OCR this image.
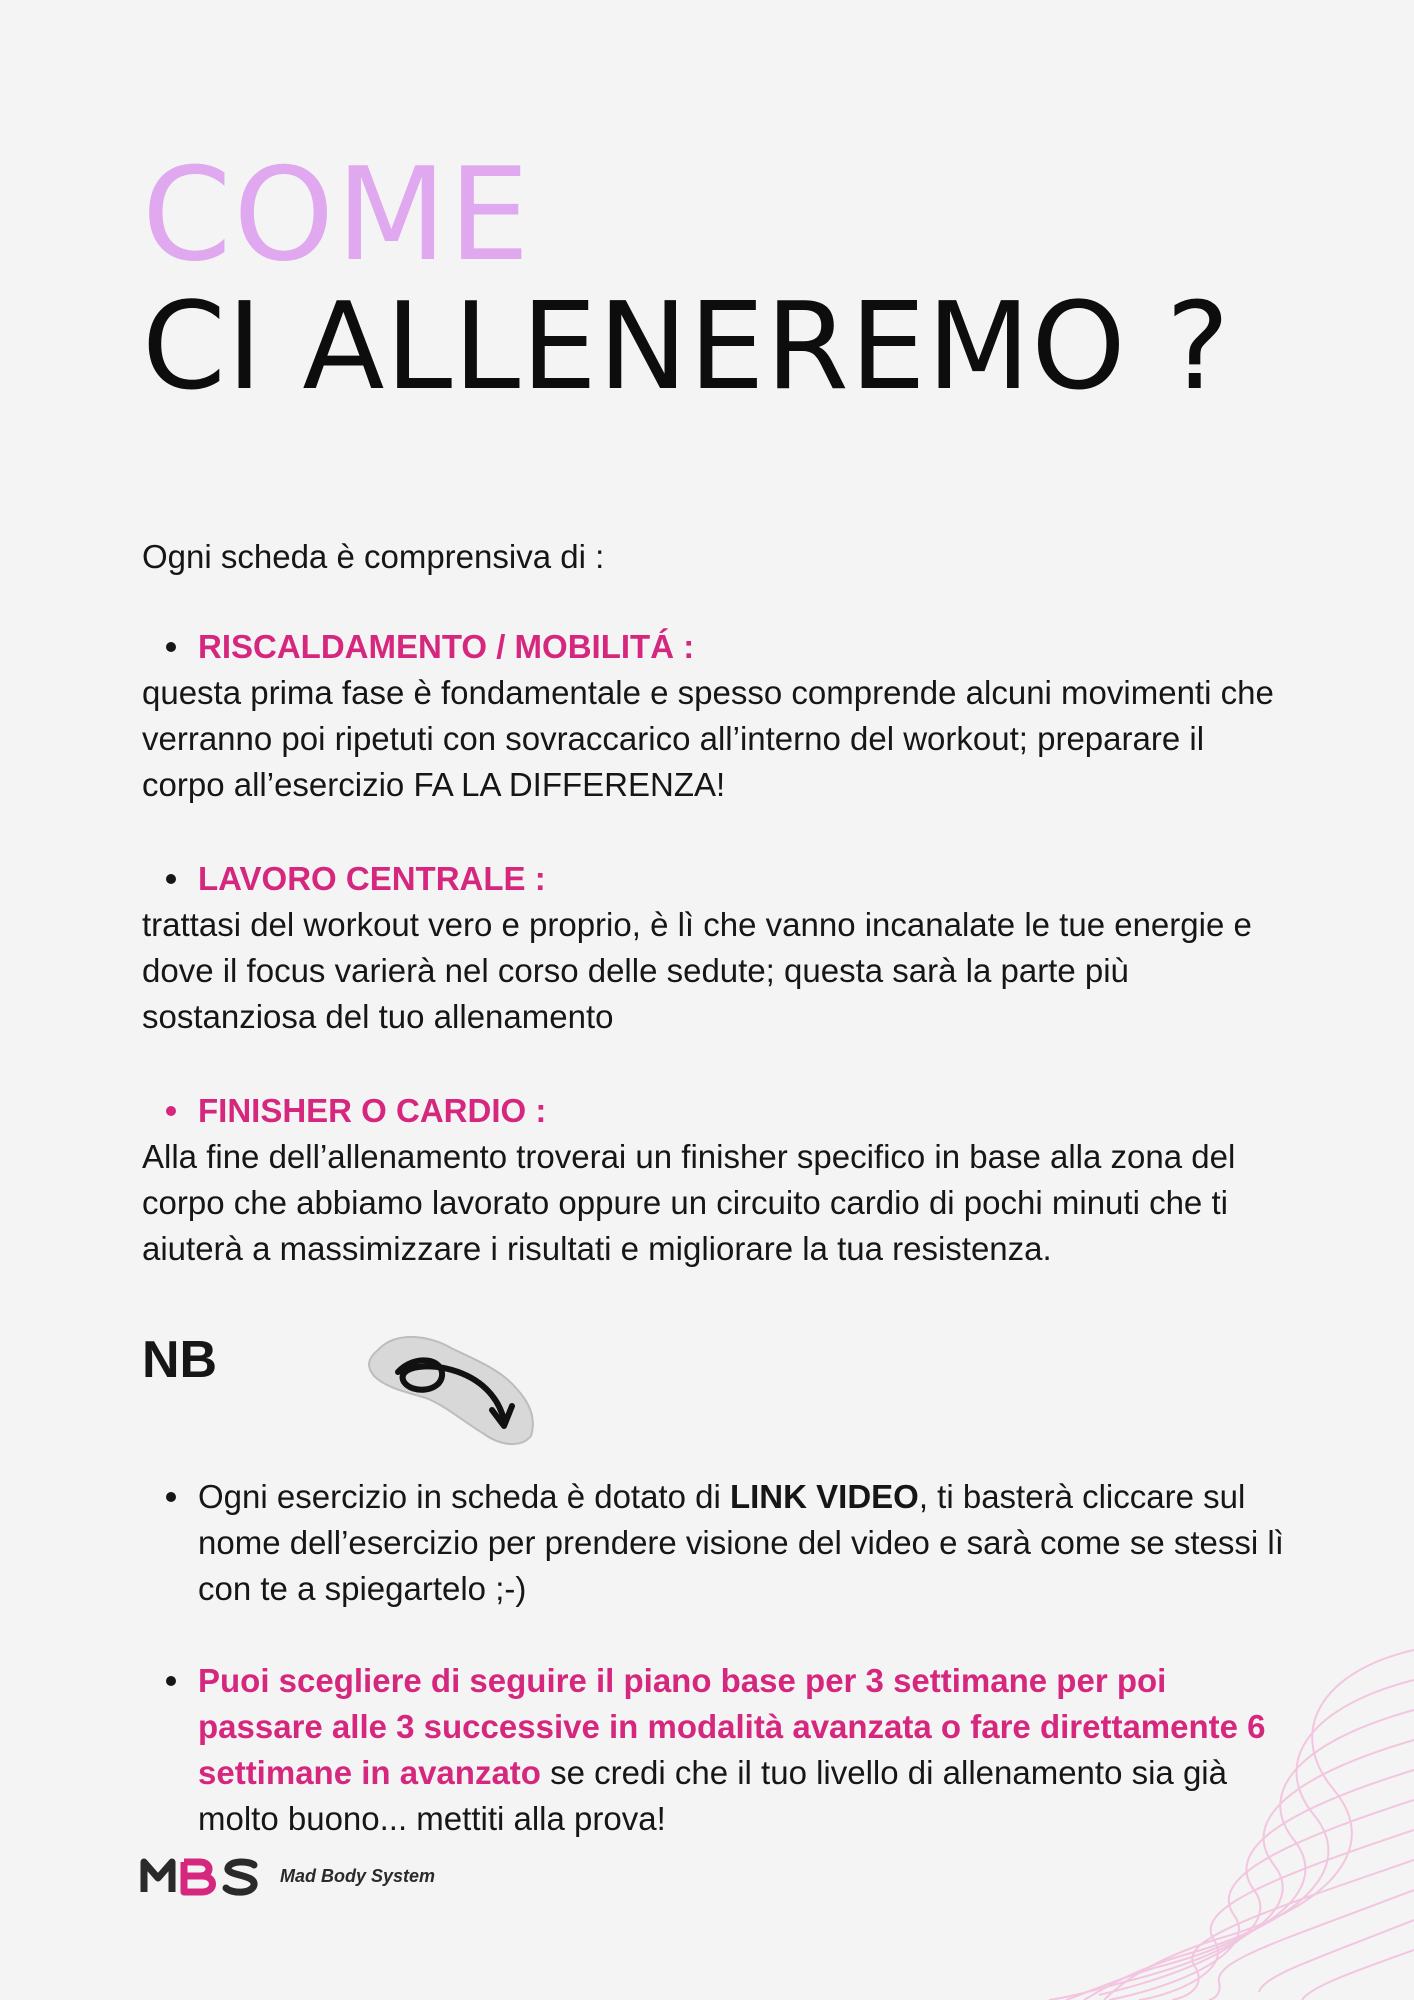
COME
CI ALLENEREMO ?

Ogni scheda è comprensiva di :

RISCALDAMENTO / MOBILITÁ :

questa prima fase è fondamentale e spesso comprende alcuni movimenti che verranno poi ripetuti con sovraccarico all’interno del workout; preparare il corpo all’esercizio FA LA DIFFERENZA!

LAVORO CENTRALE :

trattasi del workout vero e proprio, è lì che vanno incanalate le tue energie e dove il focus varierà nel corso delle sedute; questa sarà la parte più sostanziosa del tuo allenamento

FINISHER O CARDIO :

Alla fine dell’allenamento troverai un finisher specifico in base alla zona del corpo che abbiamo lavorato oppure un circuito cardio di pochi minuti che ti aiuterà a massimizzare i risultati e migliorare la tua resistenza.

NB

Ogni esercizio in scheda è dotato di LINK VIDEO, ti basterà cliccare sul nome dell’esercizio per prendere visione del video e sarà come se stessi lì con te a spiegartelo ;-)

Puoi scegliere di seguire il piano base per 3 settimane per poi passare alle 3 successive in modalità avanzata o fare direttamente 6 settimane in avanzato se credi che il tuo livello di allenamento sia già molto buono... mettiti alla prova!

Mad Body System
